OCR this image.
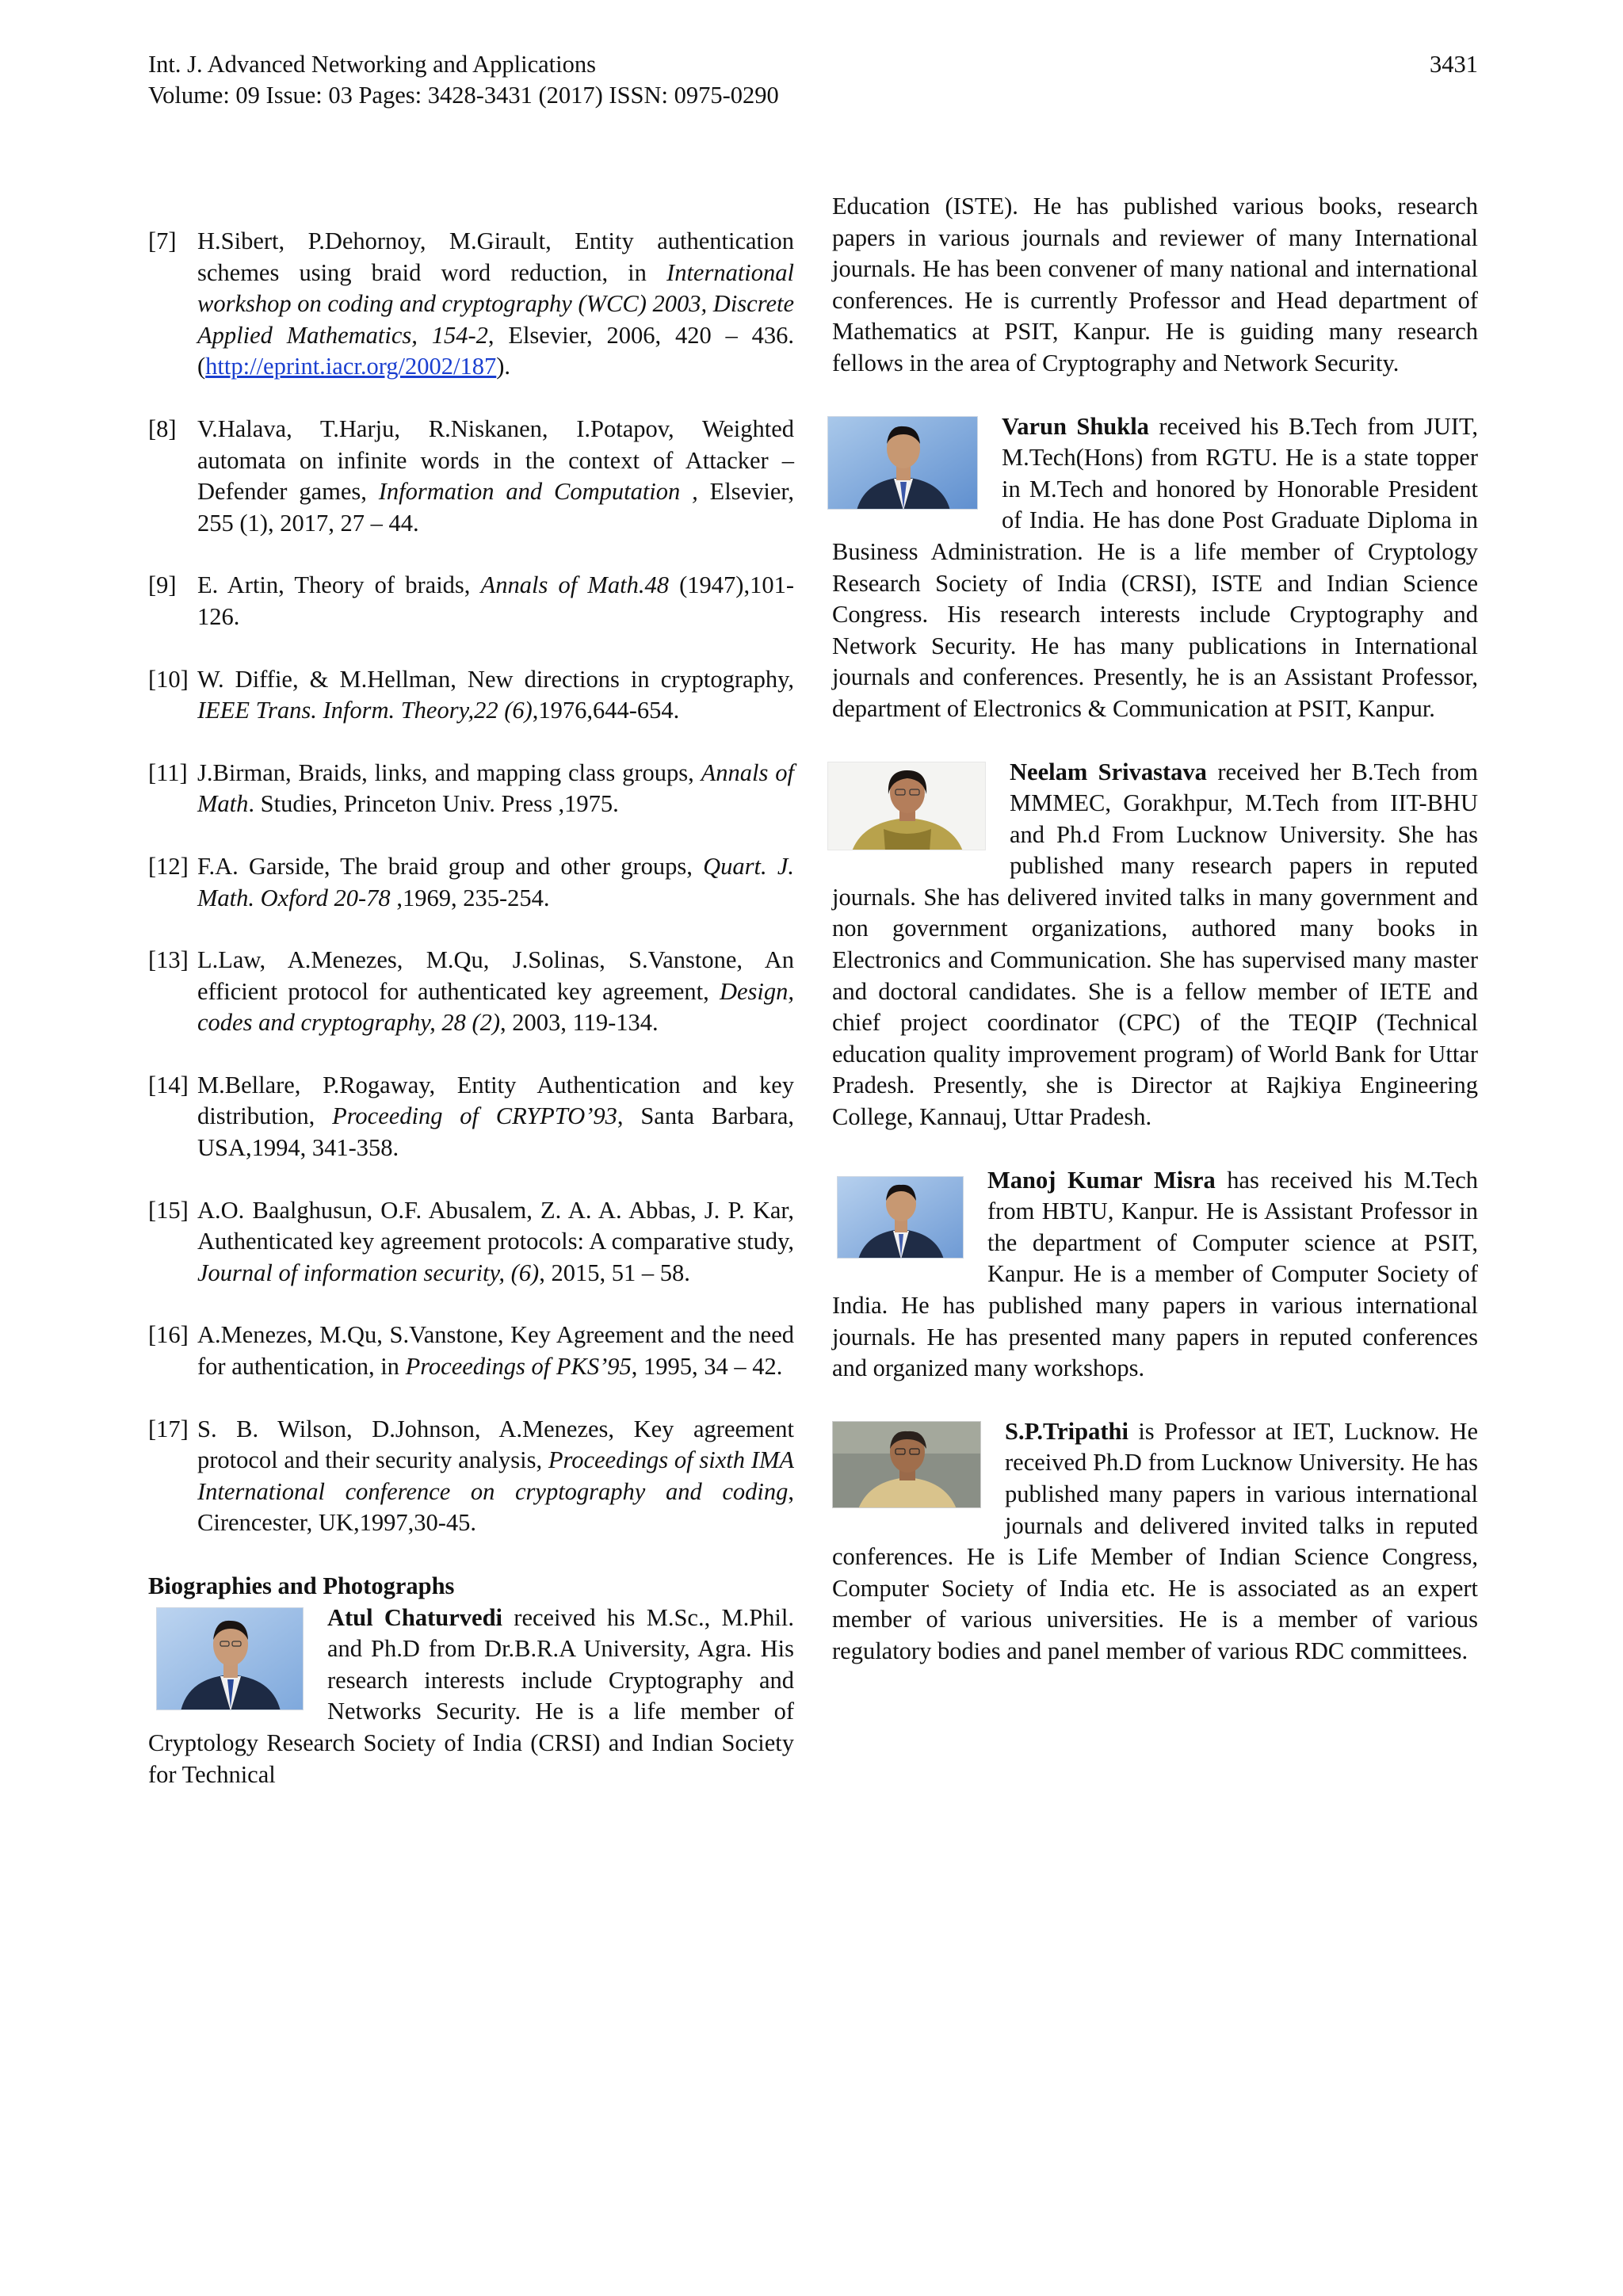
Int. J. Advanced Networking and Applications	3431
Volume: 09 Issue: 03 Pages: 3428-3431 (2017) ISSN: 0975-0290
[7] H.Sibert, P.Dehornoy, M.Girault, Entity authentication schemes using braid word reduction, in International workshop on coding and cryptography (WCC) 2003, Discrete Applied Mathematics, 154-2, Elsevier, 2006, 420 – 436. (http://eprint.iacr.org/2002/187).
[8] V.Halava, T.Harju, R.Niskanen, I.Potapov, Weighted automata on infinite words in the context of Attacker – Defender games, Information and Computation , Elsevier, 255 (1), 2017, 27 – 44.
[9] E. Artin, Theory of braids, Annals of Math.48 (1947),101-126.
[10] W. Diffie, & M.Hellman, New directions in cryptography, IEEE Trans. Inform. Theory,22 (6),1976,644-654.
[11] J.Birman, Braids, links, and mapping class groups, Annals of Math. Studies, Princeton Univ. Press ,1975.
[12] F.A. Garside, The braid group and other groups, Quart. J. Math. Oxford 20-78 ,1969, 235-254.
[13] L.Law, A.Menezes, M.Qu, J.Solinas, S.Vanstone, An efficient protocol for authenticated key agreement, Design, codes and cryptography, 28 (2), 2003, 119-134.
[14] M.Bellare, P.Rogaway, Entity Authentication and key distribution, Proceeding of CRYPTO’93, Santa Barbara, USA,1994, 341-358.
[15] A.O. Baalghusun, O.F. Abusalem, Z. A. A. Abbas, J. P. Kar, Authenticated key agreement protocols: A comparative study, Journal of information security, (6), 2015, 51 – 58.
[16] A.Menezes, M.Qu, S.Vanstone, Key Agreement and the need for authentication, in Proceedings of PKS’95, 1995, 34 – 42.
[17] S. B. Wilson, D.Johnson, A.Menezes, Key agreement protocol and their security analysis, Proceedings of sixth IMA International conference on cryptography and coding, Cirencester, UK,1997,30-45.
Biographies and Photographs
Atul Chaturvedi received his M.Sc., M.Phil. and Ph.D from Dr.B.R.A University, Agra. His research interests include Cryptography and Networks Security. He is a life member of Cryptology Research Society of India (CRSI) and Indian Society for Technical
Education (ISTE). He has published various books, research papers in various journals and reviewer of many International journals. He has been convener of many national and international conferences. He is currently Professor and Head department of Mathematics at PSIT, Kanpur. He is guiding many research fellows in the area of Cryptography and Network Security.
Varun Shukla received his B.Tech from JUIT, M.Tech(Hons) from RGTU. He is a state topper in M.Tech and honored by Honorable President of India. He has done Post Graduate Diploma in Business Administration. He is a life member of Cryptology Research Society of India (CRSI), ISTE and Indian Science Congress. His research interests include Cryptography and Network Security. He has many publications in International journals and conferences. Presently, he is an Assistant Professor, department of Electronics & Communication at PSIT, Kanpur.
Neelam Srivastava received her B.Tech from MMMEC, Gorakhpur, M.Tech from IIT-BHU and Ph.d From Lucknow University. She has published many research papers in reputed journals. She has delivered invited talks in many government and non government organizations, authored many books in Electronics and Communication. She has supervised many master and doctoral candidates. She is a fellow member of IETE and chief project coordinator (CPC) of the TEQIP (Technical education quality improvement program) of World Bank for Uttar Pradesh. Presently, she is Director at Rajkiya Engineering College, Kannauj, Uttar Pradesh.
Manoj Kumar Misra has received his M.Tech from HBTU, Kanpur. He is Assistant Professor in the department of Computer science at PSIT, Kanpur. He is a member of Computer Society of India. He has published many papers in various international journals. He has presented many papers in reputed conferences and organized many workshops.
S.P.Tripathi is Professor at IET, Lucknow. He received Ph.D from Lucknow University. He has published many papers in various international journals and delivered invited talks in reputed conferences. He is Life Member of Indian Science Congress, Computer Society of India etc. He is associated as an expert member of various universities. He is a member of various regulatory bodies and panel member of various RDC committees.
